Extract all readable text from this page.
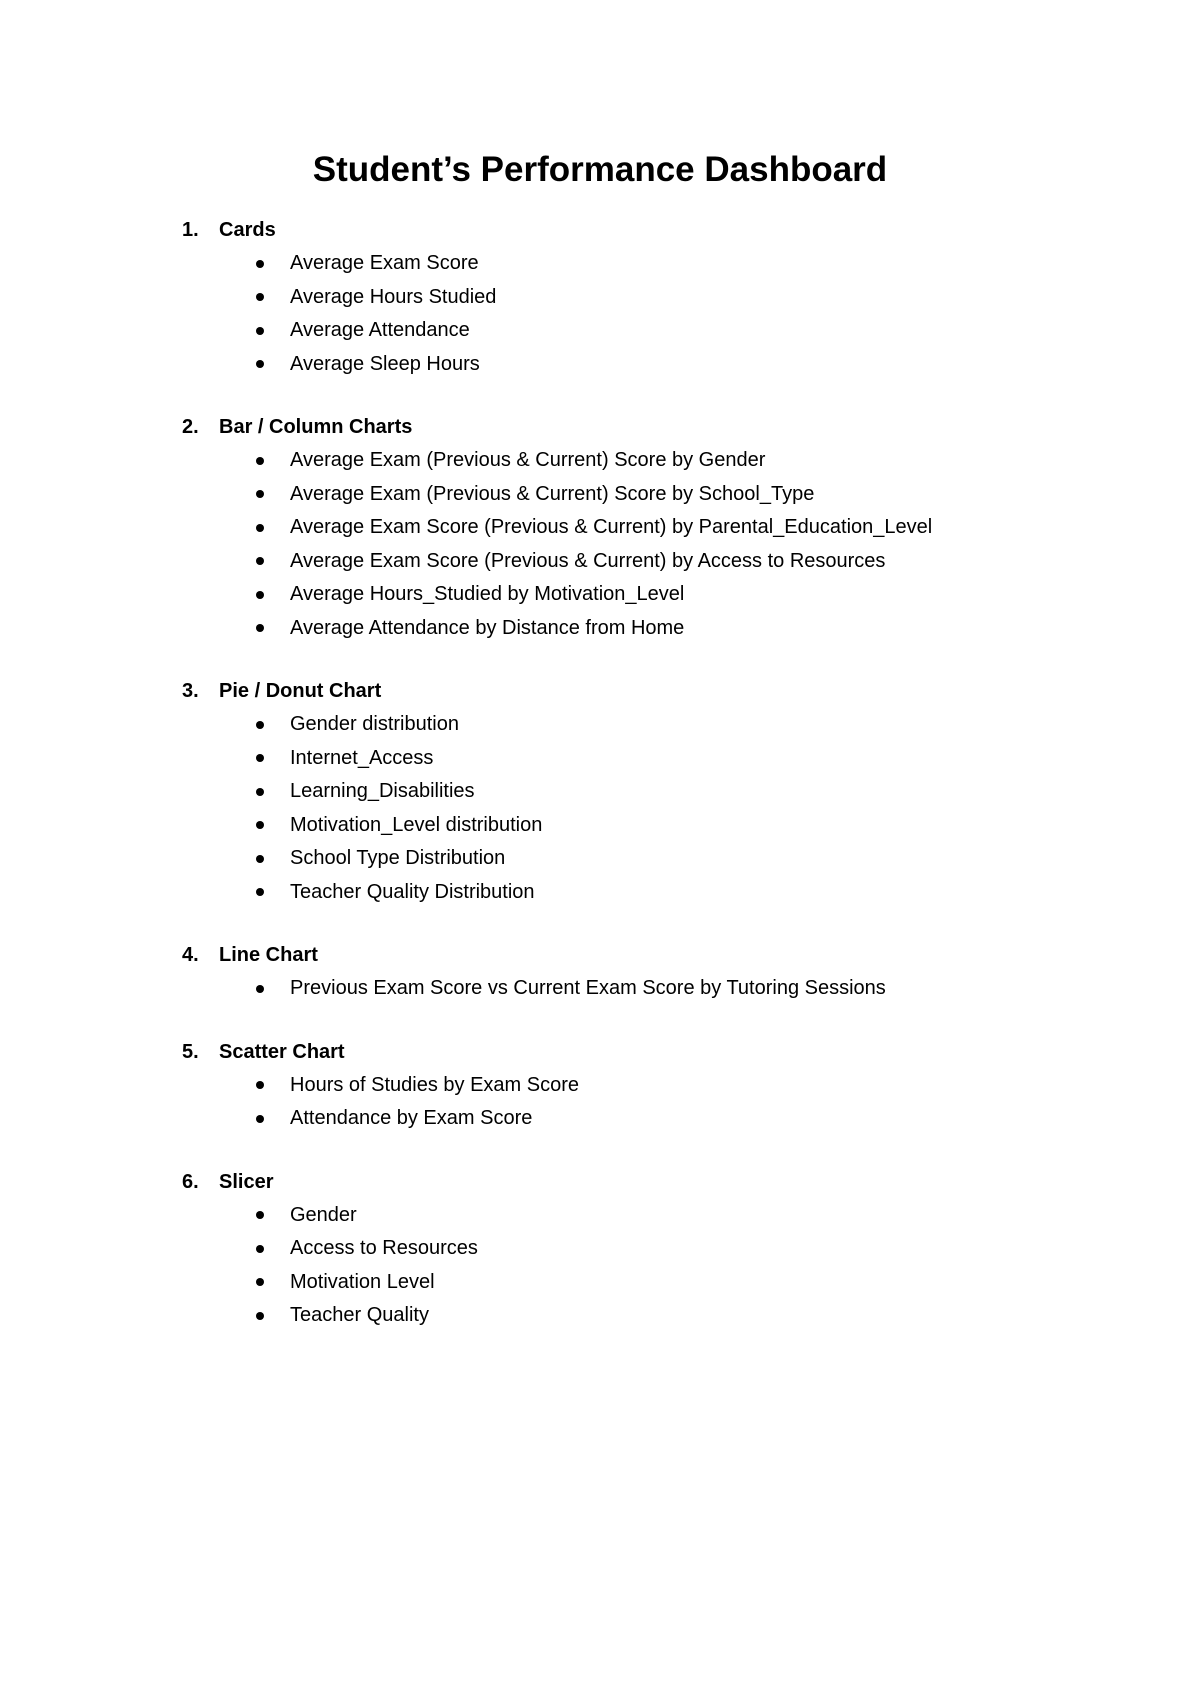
Student’s Performance Dashboard
1.	Cards
Average Exam Score
Average Hours Studied
Average Attendance
Average Sleep Hours
2.	Bar / Column Charts
Average Exam (Previous & Current) Score by Gender
Average Exam (Previous & Current) Score by School_Type
Average Exam Score (Previous & Current) by Parental_Education_Level
Average Exam Score (Previous & Current) by Access to Resources
Average Hours_Studied by Motivation_Level
Average Attendance by Distance from Home
3.	Pie / Donut Chart
Gender distribution
Internet_Access
Learning_Disabilities
Motivation_Level distribution
School Type Distribution
Teacher Quality Distribution
4.	Line Chart
Previous Exam Score vs Current Exam Score by Tutoring Sessions
5.	Scatter Chart
Hours of Studies by Exam Score
Attendance by Exam Score
6.	Slicer
Gender
Access to Resources
Motivation Level
Teacher Quality
